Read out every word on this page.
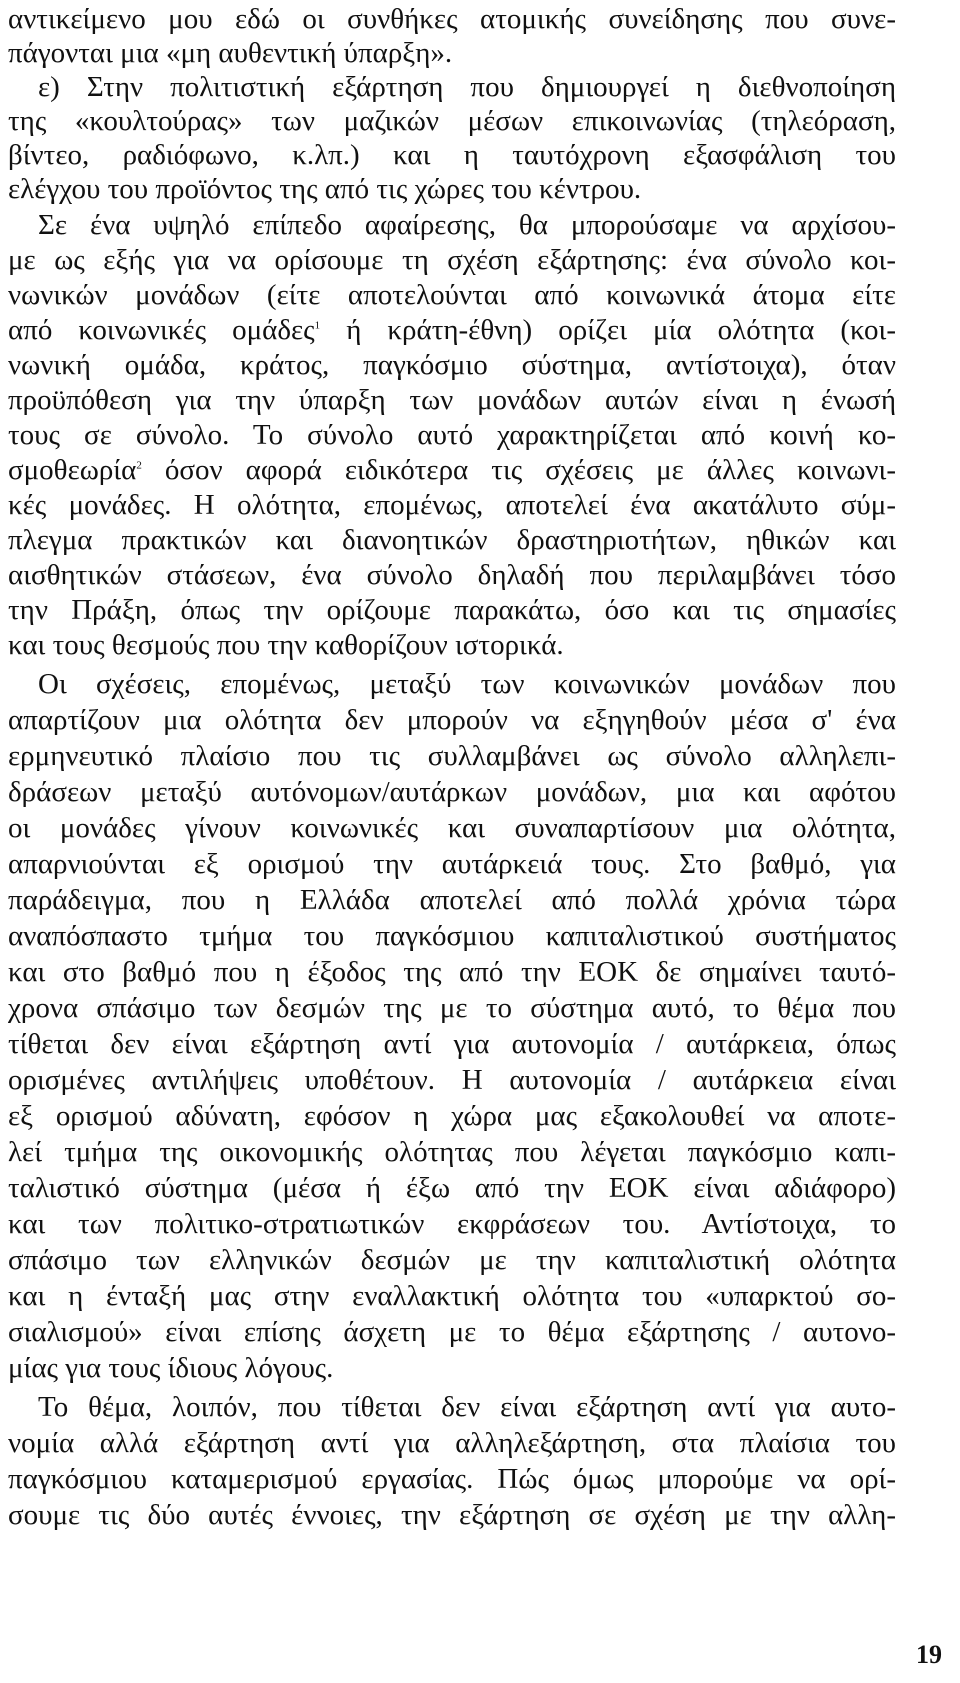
αντικείμενο μου εδώ οι συνθήκες ατομικής συνείδησης που συνε-
πάγονται μια «μη αυθεντική ύπαρξη».
ε) Στην πολιτιστική εξάρτηση που δημιουργεί η διεθνοποίηση
της «κουλτούρας» των μαζικών μέσων επικοινωνίας (τηλεόραση,
βίντεο, ραδιόφωνο, κ.λπ.) και η ταυτόχρονη εξασφάλιση του
ελέγχου του προϊόντος της από τις χώρες του κέντρου.
Σε ένα υψηλό επίπεδο αφαίρεσης, θα μπορούσαμε να αρχίσου-
με ως εξής για να ορίσουμε τη σχέση εξάρτησης: ένα σύνολο κοι-
νωνικών μονάδων (είτε αποτελούνται από κοινωνικά άτομα είτε
από κοινωνικές ομάδες$^1$ ή κράτη-έθνη) ορίζει μία ολότητα (κοι-
νωνική ομάδα, κράτος, παγκόσμιο σύστημα, αντίστοιχα), όταν
προϋπόθεση για την ύπαρξη των μονάδων αυτών είναι η ένωσή
τους σε σύνολο. Το σύνολο αυτό χαρακτηρίζεται από κοινή κο-
σμοθεωρία$^2$ όσον αφορά ειδικότερα τις σχέσεις με άλλες κοινωνι-
κές μονάδες. Η ολότητα, επομένως, αποτελεί ένα ακατάλυτο σύμ-
πλεγμα πρακτικών και διανοητικών δραστηριοτήτων, ηθικών και
αισθητικών στάσεων, ένα σύνολο δηλαδή που περιλαμβάνει τόσο
την Πράξη, όπως την ορίζουμε παρακάτω, όσο και τις σημασίες
και τους θεσμούς που την καθορίζουν ιστορικά.
Οι σχέσεις, επομένως, μεταξύ των κοινωνικών μονάδων που
απαρτίζουν μια ολότητα δεν μπορούν να εξηγηθούν μέσα σ' ένα
ερμηνευτικό πλαίσιο που τις συλλαμβάνει ως σύνολο αλληλεπι-
δράσεων μεταξύ αυτόνομων/αυτάρκων μονάδων, μια και αφότου
οι μονάδες γίνουν κοινωνικές και συναπαρτίσουν μια ολότητα,
απαρνιούνται εξ ορισμού την αυτάρκειά τους. Στο βαθμό, για
παράδειγμα, που η Ελλάδα αποτελεί από πολλά χρόνια τώρα
αναπόσπαστο τμήμα του παγκόσμιου καπιταλιστικού συστήματος
και στο βαθμό που η έξοδος της από την ΕΟΚ δε σημαίνει ταυτό-
χρονα σπάσιμο των δεσμών της με το σύστημα αυτό, το θέμα που
τίθεται δεν είναι εξάρτηση αντί για αυτονομία / αυτάρκεια, όπως
ορισμένες αντιλήψεις υποθέτουν. Η αυτονομία / αυτάρκεια είναι
εξ ορισμού αδύνατη, εφόσον η χώρα μας εξακολουθεί να αποτε-
λεί τμήμα της οικονομικής ολότητας που λέγεται παγκόσμιο καπι-
ταλιστικό σύστημα (μέσα ή έξω από την ΕΟΚ είναι αδιάφορο)
και των πολιτικο-στρατιωτικών εκφράσεων του. Αντίστοιχα, το
σπάσιμο των ελληνικών δεσμών με την καπιταλιστική ολότητα
και η ένταξή μας στην εναλλακτική ολότητα του «υπαρκτού σο-
σιαλισμού» είναι επίσης άσχετη με το θέμα εξάρτησης / αυτονο-
μίας για τους ίδιους λόγους.
Το θέμα, λοιπόν, που τίθεται δεν είναι εξάρτηση αντί για αυτο-
νομία αλλά εξάρτηση αντί για αλληλεξάρτηση, στα πλαίσια του
παγκόσμιου καταμερισμού εργασίας. Πώς όμως μπορούμε να ορί-
σουμε τις δύο αυτές έννοιες, την εξάρτηση σε σχέση με την αλλη-
19
